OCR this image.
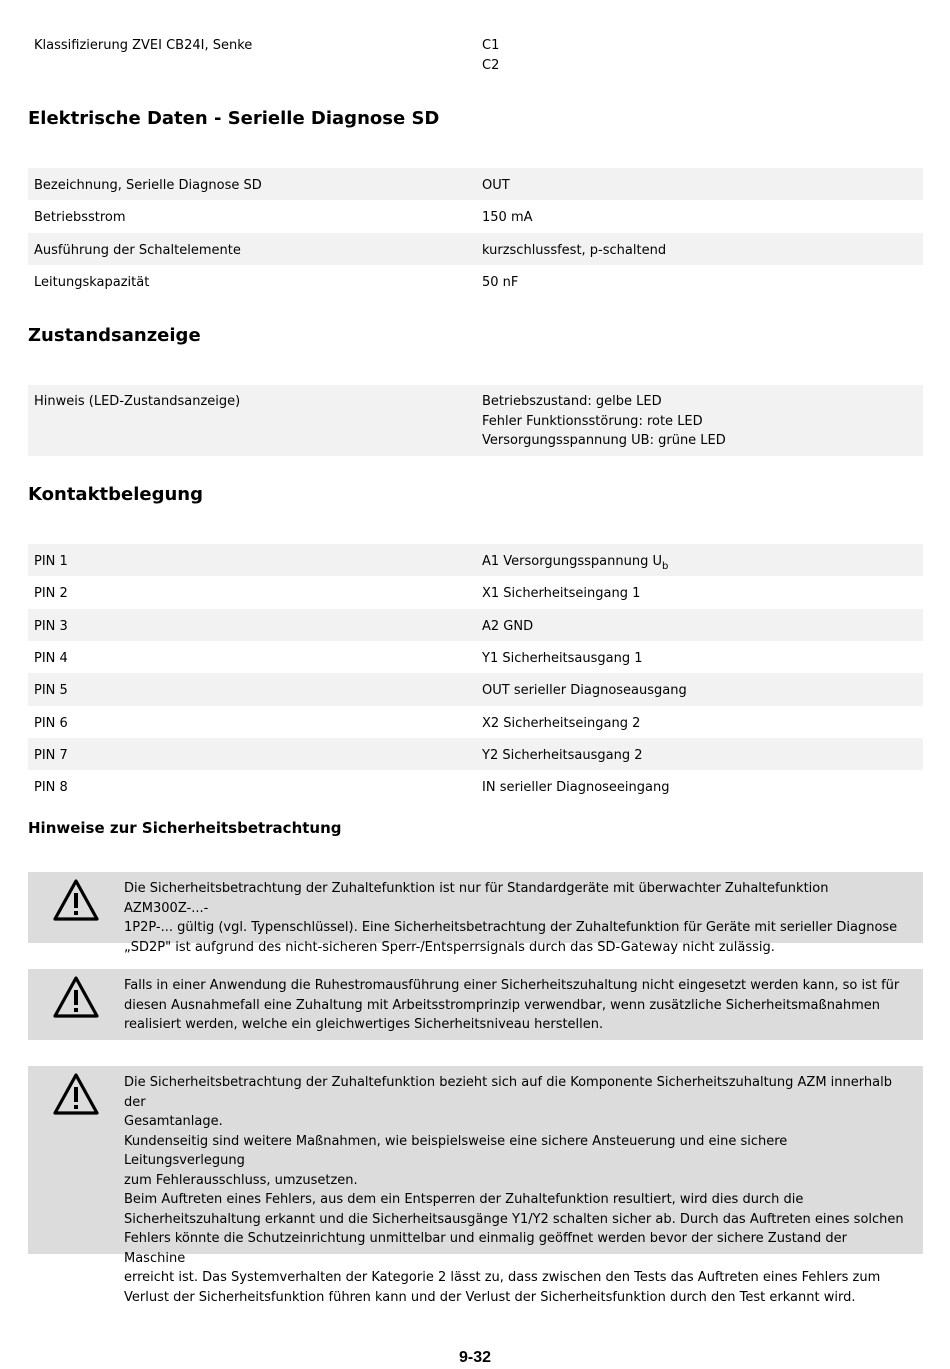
Klassifizierung ZVEI CB24I, Senke	C1
C2
Elektrische Daten - Serielle Diagnose SD
Bezeichnung, Serielle Diagnose SD	OUT
Betriebsstrom	150 mA
Ausführung der Schaltelemente	kurzschlussfest, p-schaltend
Leitungskapazität	50 nF
Zustandsanzeige
Hinweis (LED-Zustandsanzeige)	Betriebszustand: gelbe LED
Fehler Funktionsstörung: rote LED
Versorgungsspannung UB: grüne LED
Kontaktbelegung
PIN 1	A1 Versorgungsspannung $U_b$
PIN 2	X1 Sicherheitseingang 1
PIN 3	A2 GND
PIN 4	Y1 Sicherheitsausgang 1
PIN 5	OUT serieller Diagnoseausgang
PIN 6	X2 Sicherheitseingang 2
PIN 7	Y2 Sicherheitsausgang 2
PIN 8	IN serieller Diagnoseeingang
Hinweise zur Sicherheitsbetrachtung
Die Sicherheitsbetrachtung der Zuhaltefunktion ist nur für Standardgeräte mit überwachter Zuhaltefunktion AZM300Z-...-
1P2P-... gültig (vgl. Typenschlüssel). Eine Sicherheitsbetrachtung der Zuhaltefunktion für Geräte mit serieller Diagnose
„SD2P" ist aufgrund des nicht-sicheren Sperr-/Entsperrsignals durch das SD-Gateway nicht zulässig.
Falls in einer Anwendung die Ruhestromausführung einer Sicherheitszuhaltung nicht eingesetzt werden kann, so ist für
diesen Ausnahmefall eine Zuhaltung mit Arbeitsstromprinzip verwendbar, wenn zusätzliche Sicherheitsmaßnahmen
realisiert werden, welche ein gleichwertiges Sicherheitsniveau herstellen.
Die Sicherheitsbetrachtung der Zuhaltefunktion bezieht sich auf die Komponente Sicherheitszuhaltung AZM innerhalb der
Gesamtanlage.
Kundenseitig sind weitere Maßnahmen, wie beispielsweise eine sichere Ansteuerung und eine sichere Leitungsverlegung
zum Fehlerausschluss, umzusetzen.
Beim Auftreten eines Fehlers, aus dem ein Entsperren der Zuhaltefunktion resultiert, wird dies durch die
Sicherheitszuhaltung erkannt und die Sicherheitsausgänge Y1/Y2 schalten sicher ab. Durch das Auftreten eines solchen
Fehlers könnte die Schutzeinrichtung unmittelbar und einmalig geöffnet werden bevor der sichere Zustand der Maschine
erreicht ist. Das Systemverhalten der Kategorie 2 lässt zu, dass zwischen den Tests das Auftreten eines Fehlers zum
Verlust der Sicherheitsfunktion führen kann und der Verlust der Sicherheitsfunktion durch den Test erkannt wird.
9-32
